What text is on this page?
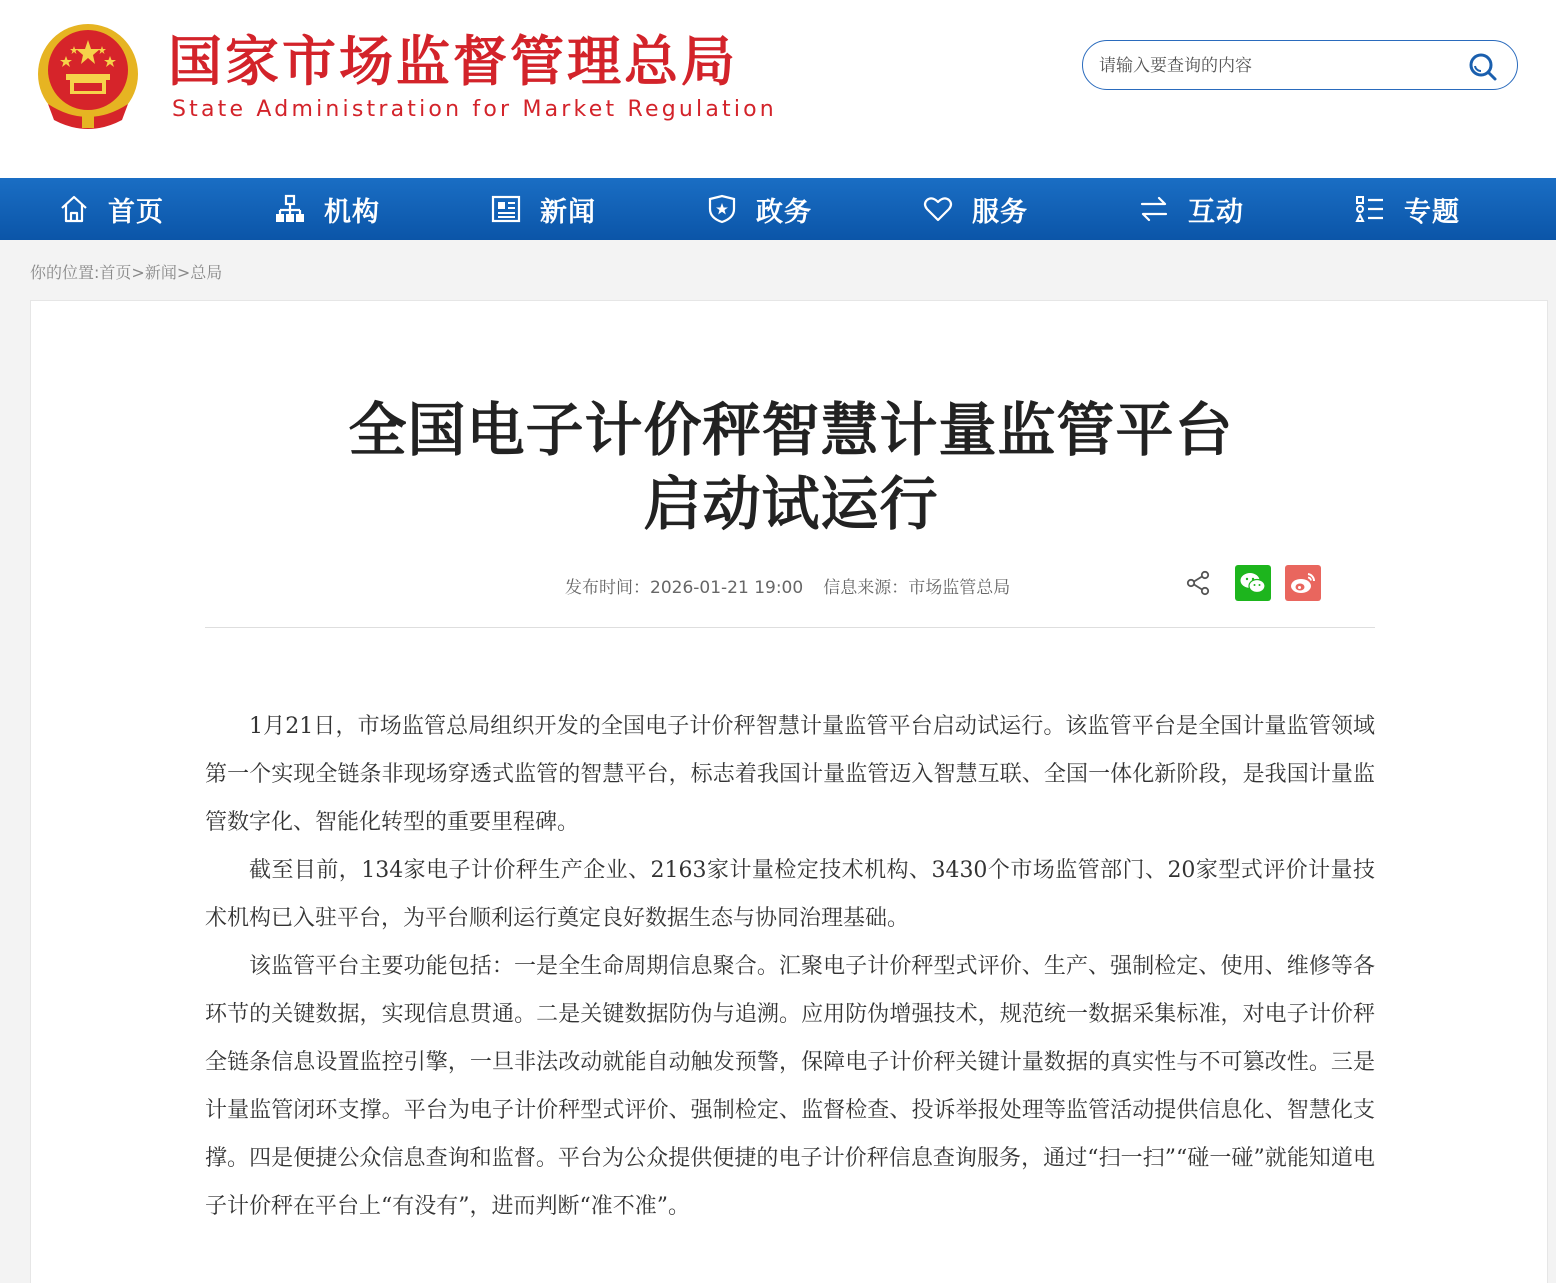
国家市场监督管理总局
State Administration for Market Regulation
请输入要查询的内容
首页	机构	新闻	政务	服务	互动	专题
你的位置:首页>新闻>总局
全国电子计价秤智慧计量监管平台
启动试运行
发布时间：2026-01-21 19:00 信息来源：市场监管总局

1月21日，市场监管总局组织开发的全国电子计价秤智慧计量监管平台启动试运行。该监管平台是全国计量监管领域第一个实现全链条非现场穿透式监管的智慧平台，标志着我国计量监管迈入智慧互联、全国一体化新阶段，是我国计量监管数字化、智能化转型的重要里程碑。

截至目前，134家电子计价秤生产企业、2163家计量检定技术机构、3430个市场监管部门、20家型式评价计量技术机构已入驻平台，为平台顺利运行奠定良好数据生态与协同治理基础。

该监管平台主要功能包括：一是全生命周期信息聚合。汇聚电子计价秤型式评价、生产、强制检定、使用、维修等各环节的关键数据，实现信息贯通。二是关键数据防伪与追溯。应用防伪增强技术，规范统一数据采集标准，对电子计价秤全链条信息设置监控引擎，一旦非法改动就能自动触发预警，保障电子计价秤关键计量数据的真实性与不可篡改性。三是计量监管闭环支撑。平台为电子计价秤型式评价、强制检定、监督检查、投诉举报处理等监管活动提供信息化、智慧化支撑。四是便捷公众信息查询和监督。平台为公众提供便捷的电子计价秤信息查询服务，通过“扫一扫”“碰一碰”就能知道电子计价秤在平台上“有没有”，进而判断“准不准”。
